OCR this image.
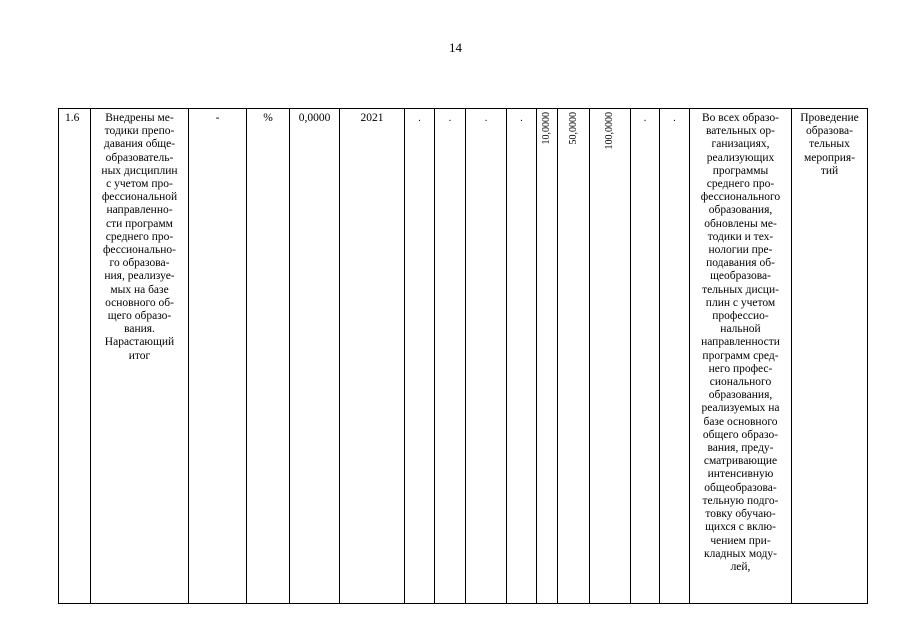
14
1.6	Внедрены ме-
тодики препо-
давания обще-
образователь-
ных дисциплин
с учетом про-
фессиональной
направленно-
сти программ
среднего про-
фессионально-
го образова-
ния, реализуе-
мых на базе
основного об-
щего образо-
вания.
Нарастающий
итог	-	%	0,0000	2021	.	.	.	.	10,0000	50,0000	100,0000	.	.	Во всех образо-
вательных ор-
ганизациях,
реализующих
программы
среднего про-
фессионального
образования,
обновлены ме-
тодики и тех-
нологии пре-
подавания об-
щеобразова-
тельных дисци-
плин с учетом
профессио-
нальной
направленности
программ сред-
него профес-
сионального
образования,
реализуемых на
базе основного
общего образо-
вания, преду-
сматривающие
интенсивную
общеобразова-
тельную подго-
товку обучаю-
щихся с вклю-
чением при-
кладных моду-
лей,	Проведение
образова-
тельных
мероприя-
тий
